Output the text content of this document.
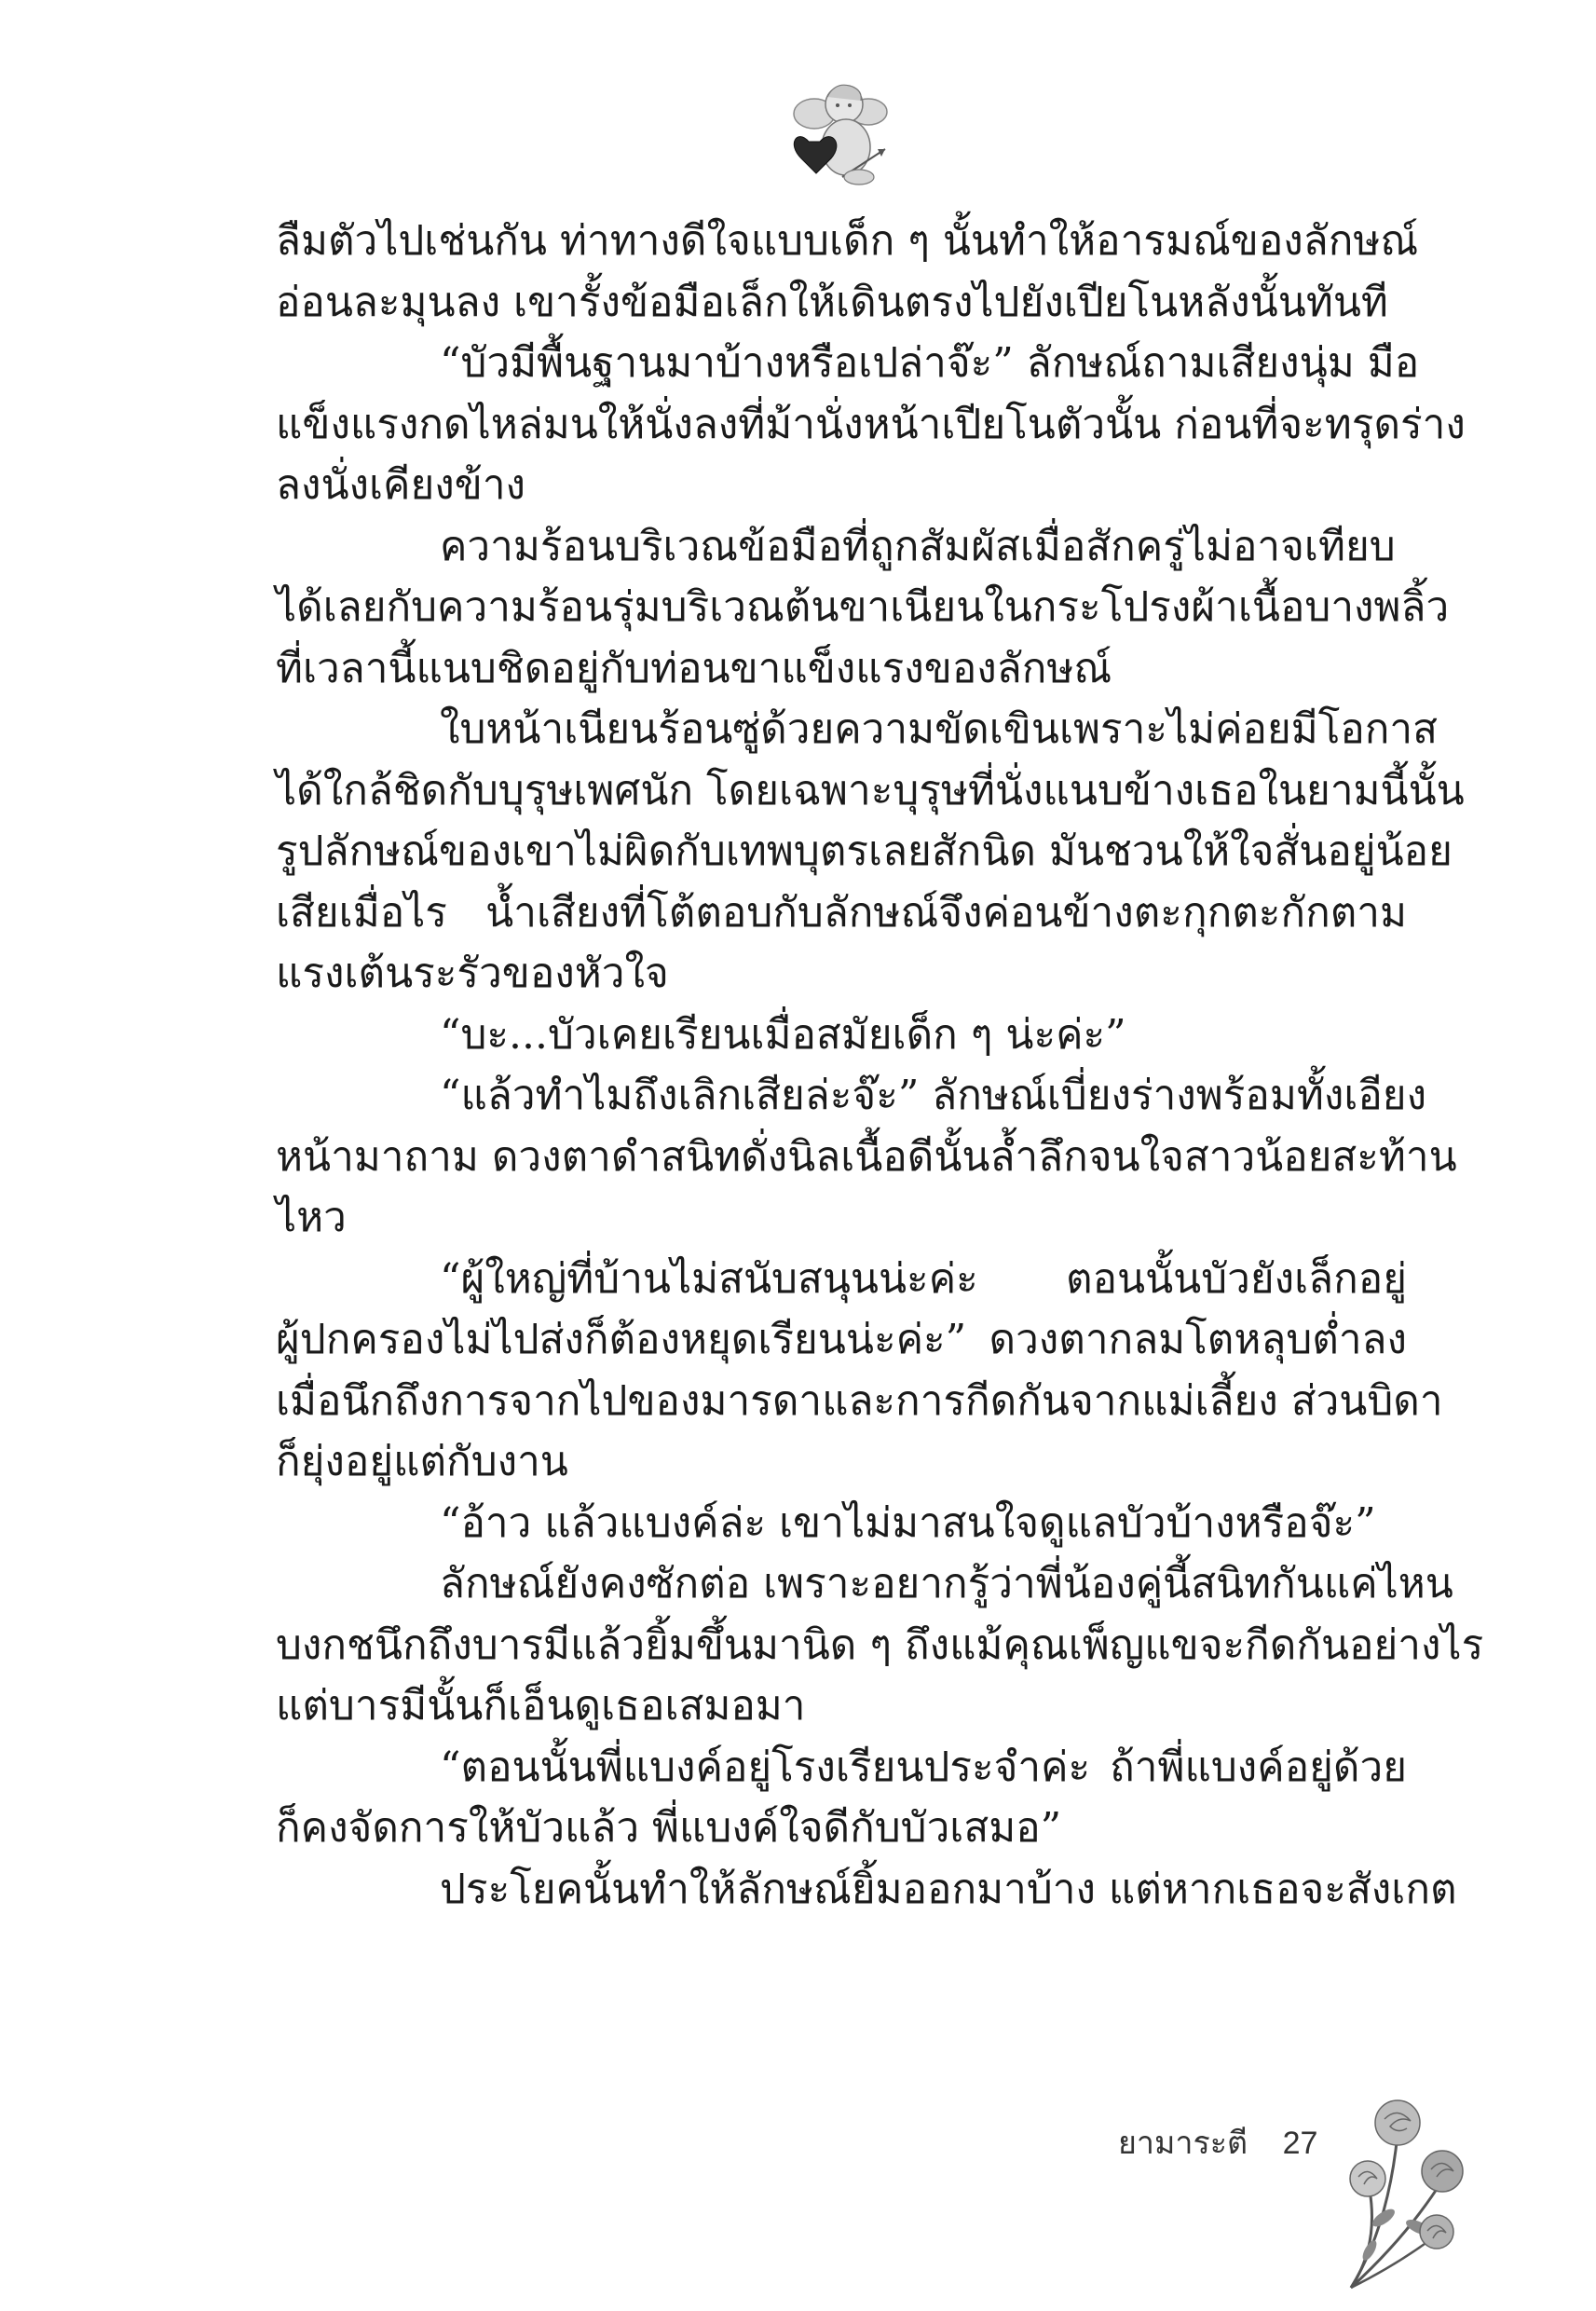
ลืมตัวไปเช่นกัน ท่าทางดีใจแบบเด็ก ๆ นั้นทำให้อารมณ์ของลักษณ์
อ่อนละมุนลง เขารั้งข้อมือเล็กให้เดินตรงไปยังเปียโนหลังนั้นทันที
“บัวมีพื้นฐานมาบ้างหรือเปล่าจ๊ะ” ลักษณ์ถามเสียงนุ่ม มือ
แข็งแรงกดไหล่มนให้นั่งลงที่ม้านั่งหน้าเปียโนตัวนั้น ก่อนที่จะทรุดร่าง
ลงนั่งเคียงข้าง
ความร้อนบริเวณข้อมือที่ถูกสัมผัสเมื่อสักครู่ไม่อาจเทียบ
ได้เลยกับความร้อนรุ่มบริเวณต้นขาเนียนในกระโปรงผ้าเนื้อบางพลิ้ว
ที่เวลานี้แนบชิดอยู่กับท่อนขาแข็งแรงของลักษณ์
ใบหน้าเนียนร้อนซู่ด้วยความขัดเขินเพราะไม่ค่อยมีโอกาส
ได้ใกล้ชิดกับบุรุษเพศนัก โดยเฉพาะบุรุษที่นั่งแนบข้างเธอในยามนี้นั้น
รูปลักษณ์ของเขาไม่ผิดกับเทพบุตรเลยสักนิด มันชวนให้ใจสั่นอยู่น้อย
เสียเมื่อไร น้ำเสียงที่โต้ตอบกับลักษณ์จึงค่อนข้างตะกุกตะกักตาม
แรงเต้นระรัวของหัวใจ
“บะ...บัวเคยเรียนเมื่อสมัยเด็ก ๆ น่ะค่ะ”
“แล้วทำไมถึงเลิกเสียล่ะจ๊ะ” ลักษณ์เบี่ยงร่างพร้อมทั้งเอียง
หน้ามาถาม ดวงตาดำสนิทดั่งนิลเนื้อดีนั้นล้ำลึกจนใจสาวน้อยสะท้าน
ไหว
“ผู้ใหญ่ที่บ้านไม่สนับสนุนน่ะค่ะ ตอนนั้นบัวยังเล็กอยู่
ผู้ปกครองไม่ไปส่งก็ต้องหยุดเรียนน่ะค่ะ” ดวงตากลมโตหลุบต่ำลง
เมื่อนึกถึงการจากไปของมารดาและการกีดกันจากแม่เลี้ยง ส่วนบิดา
ก็ยุ่งอยู่แต่กับงาน
“อ้าว แล้วแบงค์ล่ะ เขาไม่มาสนใจดูแลบัวบ้างหรือจ๊ะ”
ลักษณ์ยังคงซักต่อ เพราะอยากรู้ว่าพี่น้องคู่นี้สนิทกันแค่ไหน
บงกชนึกถึงบารมีแล้วยิ้มขึ้นมานิด ๆ ถึงแม้คุณเพ็ญแขจะกีดกันอย่างไร
แต่บารมีนั้นก็เอ็นดูเธอเสมอมา
“ตอนนั้นพี่แบงค์อยู่โรงเรียนประจำค่ะ ถ้าพี่แบงค์อยู่ด้วย
ก็คงจัดการให้บัวแล้ว พี่แบงค์ใจดีกับบัวเสมอ”
ประโยคนั้นทำให้ลักษณ์ยิ้มออกมาบ้าง แต่หากเธอจะสังเกต
ยามาระตี 27
